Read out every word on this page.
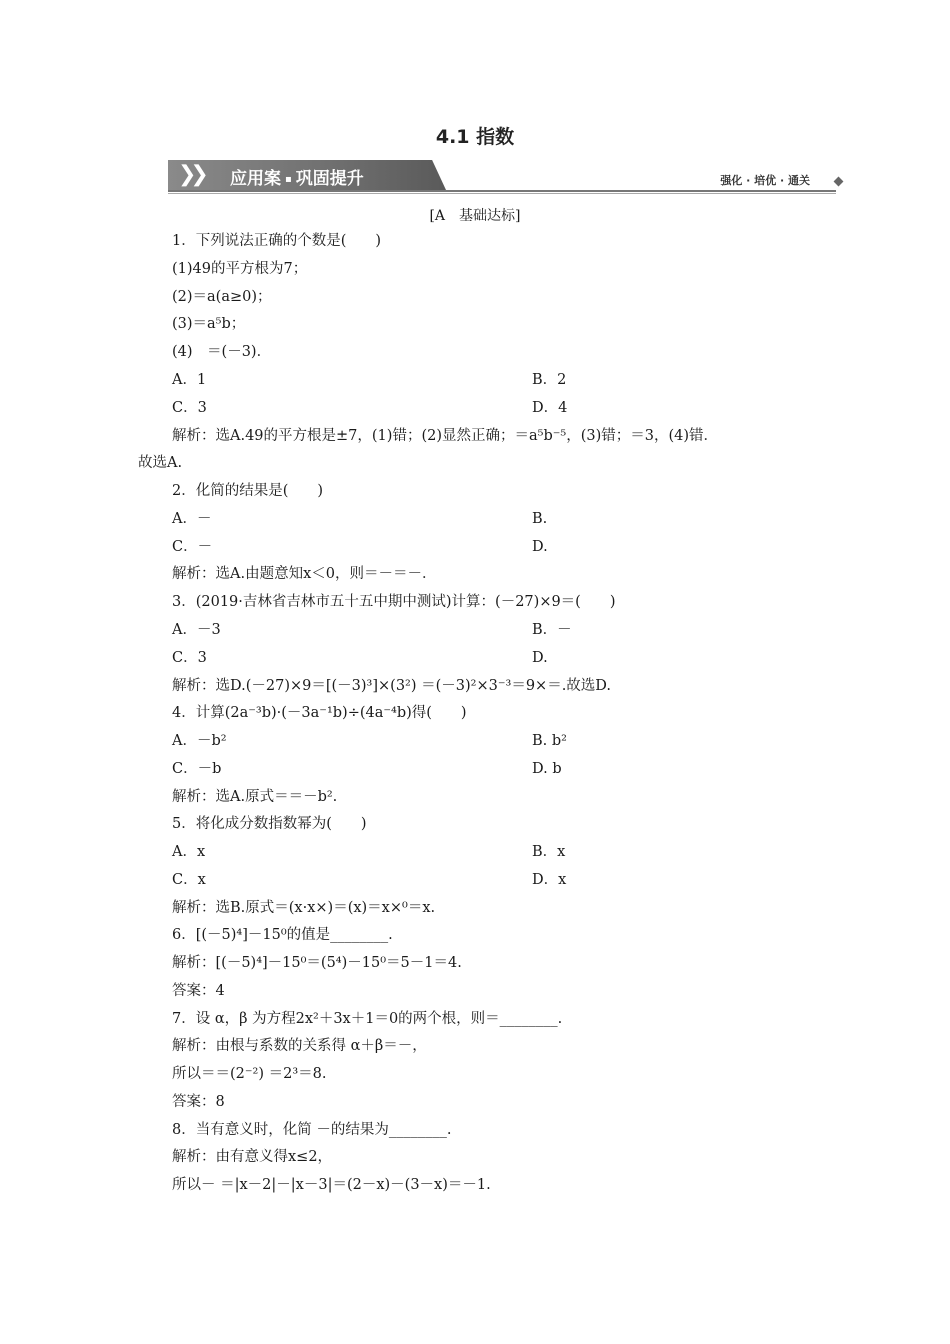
4.1 指数
❯❯ 应用案 ▪ 巩固提升	强化 · 培优 · 通关
[A　基础达标]
1．下列说法正确的个数是(　　)
(1)49的平方根为7；
(2)＝a(a≥0)；
(3)＝a⁵b；
(4)　＝(－3)．
A．1	B．2
C．3	D．4
解析：选A.49的平方根是±7，(1)错；(2)显然正确；＝a⁵b⁻⁵，(3)错；＝3，(4)错．
故选A.
2．化简的结果是(　　)
A．－	B.
C．－	D.
解析：选A.由题意知x＜0，则＝－＝－．
3．(2019·吉林省吉林市五十五中期中测试)计算：(－27)×9＝(　　)
A．－3	B．－
C．3	D.
解析：选D.(－27)×9＝[(－3)³]×(3²) ＝(－3)²×3⁻³＝9×＝.故选D.
4．计算(2a⁻³b)·(－3a⁻¹b)÷(4a⁻⁴b)得(　　)
A．－b²	B. b²
C．－b	D. b
解析：选A.原式＝＝－b².
5．将化成分数指数幂为(　　)
A．x	B．x
C．x	D．x
解析：选B.原式＝(x·x×)＝(x)＝x×⁰＝x.
6．[(－5)⁴]－15⁰的值是________.
解析：[(－5)⁴]－15⁰＝(5⁴)－15⁰＝5－1＝4.
答案：4
7．设 α，β 为方程2x²＋3x＋1＝0的两个根，则＝________.
解析：由根与系数的关系得 α＋β＝－，
所以＝＝(2⁻²) ＝2³＝8.
答案：8
8．当有意义时，化简 －的结果为________.
解析：由有意义得x≤2，
所以－ ＝|x－2|－|x－3|＝(2－x)－(3－x)＝－1.
